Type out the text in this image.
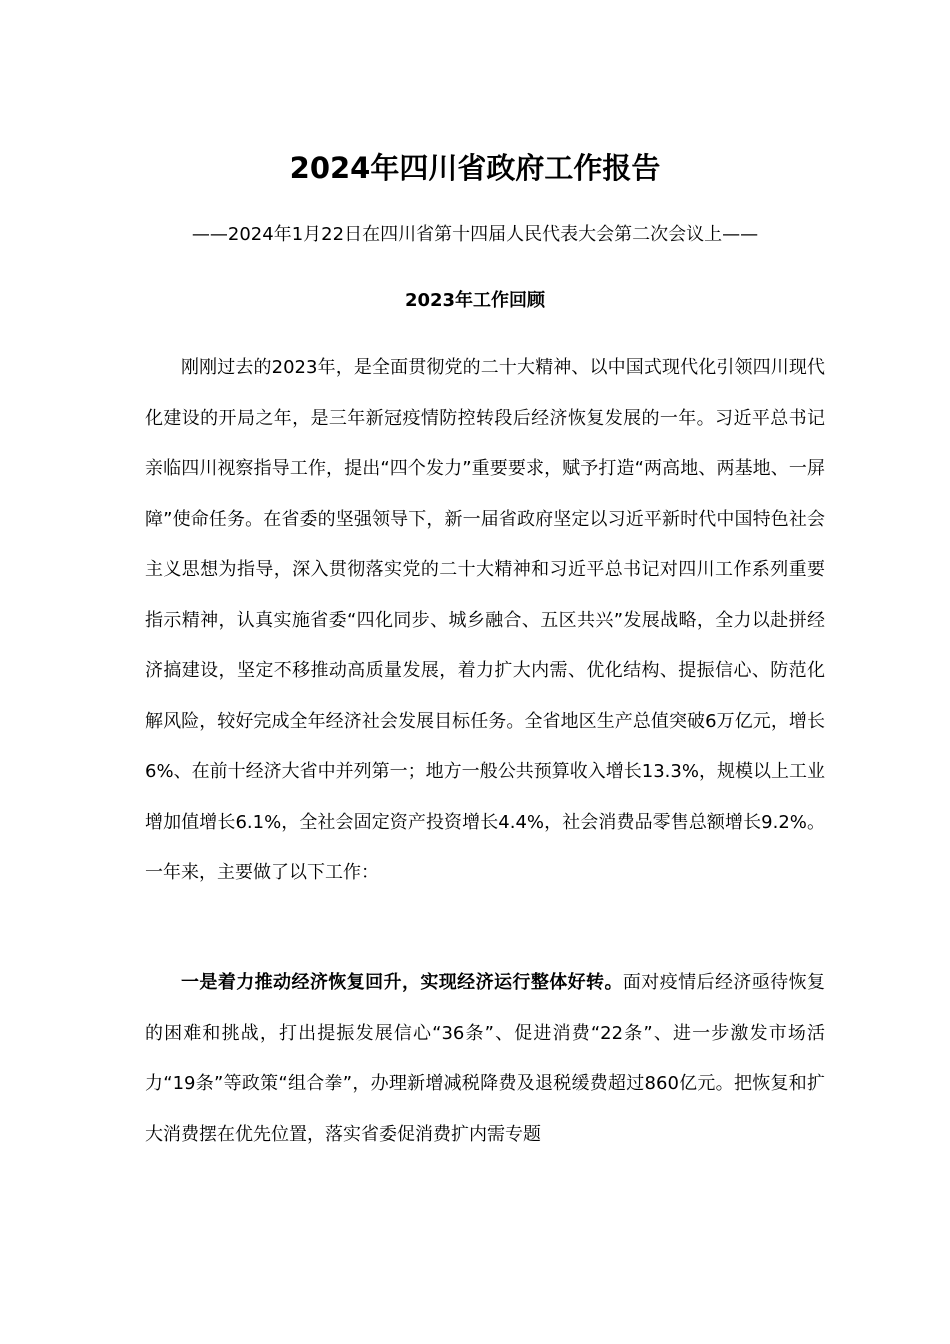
2024年四川省政府工作报告
——2024年1月22日在四川省第十四届人民代表大会第二次会议上——
2023年工作回顾

刚刚过去的2023年，是全面贯彻党的二十大精神、以中国式现代化引领四川现代化建设的开局之年，是三年新冠疫情防控转段后经济恢复发展的一年。习近平总书记亲临四川视察指导工作，提出“四个发力”重要要求，赋予打造“两高地、两基地、一屏障”使命任务。在省委的坚强领导下，新一届省政府坚定以习近平新时代中国特色社会主义思想为指导，深入贯彻落实党的二十大精神和习近平总书记对四川工作系列重要指示精神，认真实施省委“四化同步、城乡融合、五区共兴”发展战略，全力以赴拼经济搞建设，坚定不移推动高质量发展，着力扩大内需、优化结构、提振信心、防范化解风险，较好完成全年经济社会发展目标任务。全省地区生产总值突破6万亿元，增长6%、在前十经济大省中并列第一；地方一般公共预算收入增长13.3%，规模以上工业增加值增长6.1%，全社会固定资产投资增长4.4%，社会消费品零售总额增长9.2%。一年来，主要做了以下工作：

一是着力推动经济恢复回升，实现经济运行整体好转。面对疫情后经济亟待恢复的困难和挑战，打出提振发展信心“36条”、促进消费“22条”、进一步激发市场活力“19条”等政策“组合拳”，办理新增减税降费及退税缓费超过860亿元。把恢复和扩大消费摆在优先位置，落实省委促消费扩内需专题
